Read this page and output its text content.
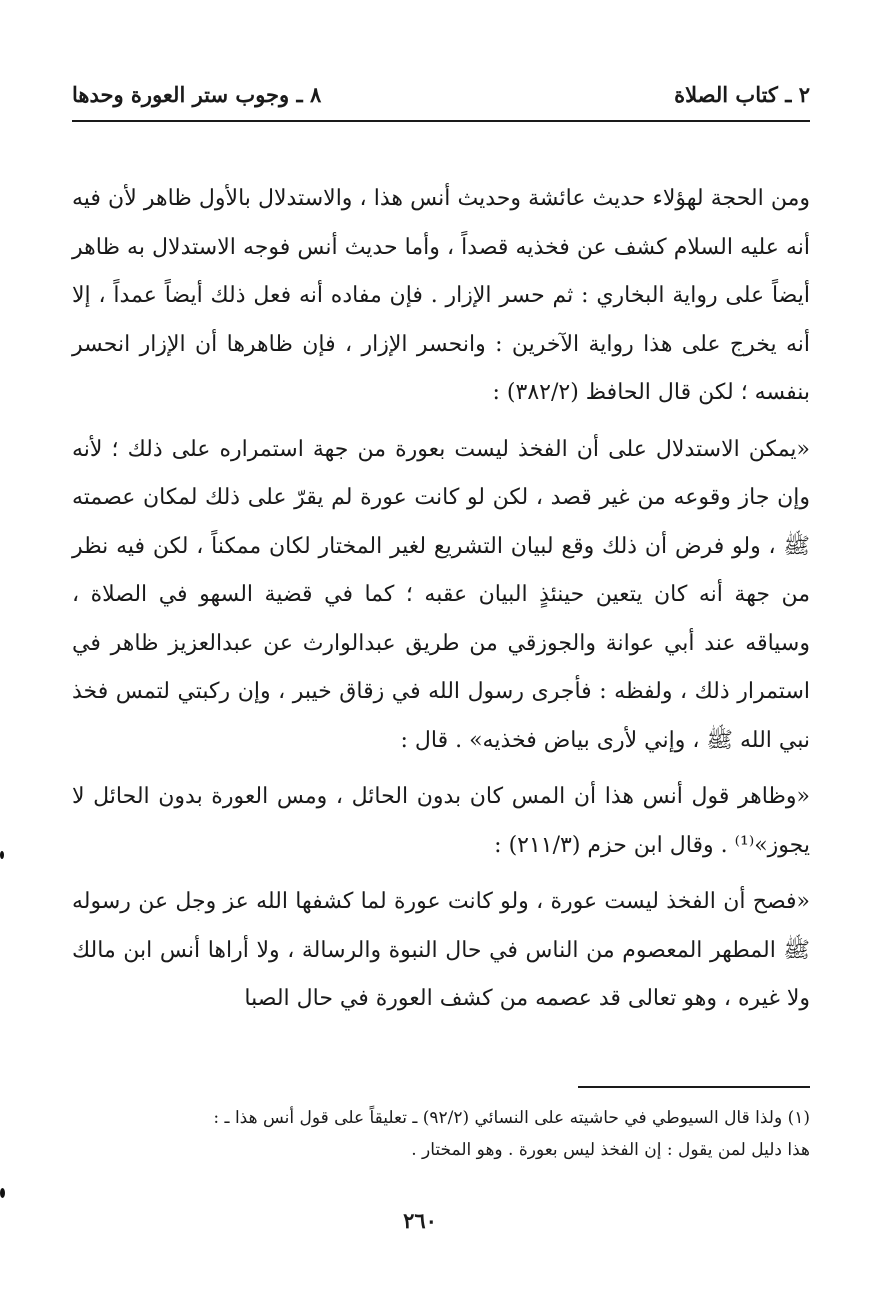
٢ ـ كتاب الصلاة
٨ ـ وجوب ستر العورة وحدها

ومن الحجة لهؤلاء حديث عائشة وحديث أنس هذا ، والاستدلال بالأول ظاهر لأن فيه أنه عليه السلام كشف عن فخذيه قصداً ، وأما حديث أنس فوجه الاستدلال به ظاهر أيضاً على رواية البخاري : ثم حسر الإزار . فإن مفاده أنه فعل ذلك أيضاً عمداً ، إلا أنه يخرج على هذا رواية الآخرين : وانحسر الإزار ، فإن ظاهرها أن الإزار انحسر بنفسه ؛ لكن قال الحافظ (٣٨٢/٢) :

«يمكن الاستدلال على أن الفخذ ليست بعورة من جهة استمراره على ذلك ؛ لأنه وإن جاز وقوعه من غير قصد ، لكن لو كانت عورة لم يقرّ على ذلك لمكان عصمته ﷺ ، ولو فرض أن ذلك وقع لبيان التشريع لغير المختار لكان ممكناً ، لكن فيه نظر من جهة أنه كان يتعين حينئذٍ البيان عقبه ؛ كما في قضية السهو في الصلاة ، وسياقه عند أبي عوانة والجوزقي من طريق عبدالوارث عن عبدالعزيز ظاهر في استمرار ذلك ، ولفظه : فأجرى رسول الله في زقاق خيبر ، وإن ركبتي لتمس فخذ نبي الله ﷺ ، وإني لأرى بياض فخذيه» . قال :

«وظاهر قول أنس هذا أن المس كان بدون الحائل ، ومس العورة بدون الحائل لا يجوز»⁽¹⁾ . وقال ابن حزم (٢١١/٣) :

«فصح أن الفخذ ليست عورة ، ولو كانت عورة لما كشفها الله عز وجل عن رسوله ﷺ المطهر المعصوم من الناس في حال النبوة والرسالة ، ولا أراها أنس ابن مالك ولا غيره ، وهو تعالى قد عصمه من كشف العورة في حال الصبا

(١) ولذا قال السيوطي في حاشيته على النسائي (٩٢/٢) ـ تعليقاً على قول أنس هذا ـ :

هذا دليل لمن يقول : إن الفخذ ليس بعورة . وهو المختار .

٢٦٠
